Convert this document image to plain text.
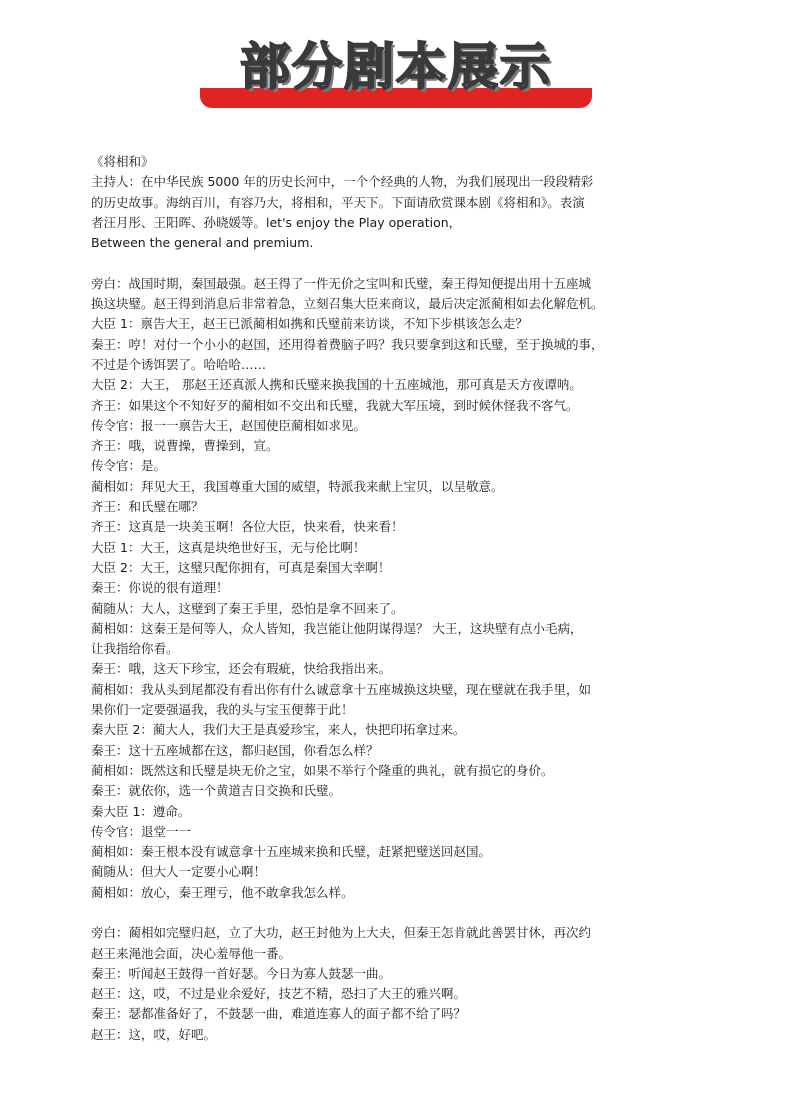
部分剧本展示
《将相和》
主持人：在中华民族 5000 年的历史长河中，一个个经典的人物，为我们展现出一段段精彩
的历史故事。海纳百川，有容乃大，将相和，平天下。下面请欣赏课本剧《将相和》。表演
者汪月彤、王阳晖、孙晓媛等。let's enjoy the Play operation，
Between the general and premium.
旁白：战国时期，秦国最强。赵王得了一件无价之宝叫和氏璧，秦王得知便提出用十五座城
换这块璧。赵王得到消息后非常着急，立刻召集大臣来商议，最后决定派蔺相如去化解危机。
大臣 1：禀告大王，赵王已派蔺相如携和氏璧前来访谈，不知下步棋该怎么走？
秦王：哼！对付一个小小的赵国，还用得着费脑子吗？我只要拿到这和氏璧，至于换城的事，
不过是个诱饵罢了。哈哈哈……
大臣 2：大王， 那赵王还真派人携和氏璧来换我国的十五座城池，那可真是天方夜谭呐。
齐王：如果这个不知好歹的蔺相如不交出和氏璧，我就大军压境，到时候休怪我不客气。
传令官：报一一禀告大王，赵国使臣蔺相如求见。
齐王：哦，说曹操，曹操到，宣。
传令官：是。
蔺相如：拜见大王，我国尊重大国的威望，特派我来献上宝贝，以呈敬意。
齐王：和氏璧在哪？
齐王：这真是一块美玉啊！各位大臣，快来看，快来看！
大臣 1：大王，这真是块绝世好玉，无与伦比啊！
大臣 2：大王，这璧只配你拥有，可真是秦国大幸啊！
秦王：你说的很有道理！
蔺随从：大人，这璧到了秦王手里，恐怕是拿不回来了。
蔺相如：这秦王是何等人，众人皆知，我岂能让他阴谋得逞？ 大王，这块壁有点小毛病，
让我指给你看。
秦王：哦，这天下珍宝，还会有瑕疵，快给我指出来。
蔺相如：我从头到尾都没有看出你有什么诚意拿十五座城换这块璧，现在璧就在我手里，如
果你们一定要强逼我，我的头与宝玉便葬于此！
秦大臣 2：蔺大人，我们大王是真爱珍宝，来人，快把印拓拿过来。
秦王：这十五座城都在这，都归赵国，你看怎么样？
蔺相如：既然这和氏璧是块无价之宝，如果不举行个隆重的典礼，就有损它的身价。
秦王：就依你，选一个黄道吉日交换和氏璧。
秦大臣 1：遵命。
传令官：退堂一一
蔺相如：秦王根本没有诚意拿十五座城来换和氏璧，赶紧把璧送回赵国。
蔺随从：但大人一定要小心啊！
蔺相如：放心，秦王理亏，他不敢拿我怎么样。
旁白：蔺相如完璧归赵，立了大功，赵王封他为上大夫，但秦王怎肯就此善罢甘休，再次约
赵王来渑池会面，决心羞辱他一番。
秦王：听闻赵王鼓得一首好瑟。今日为寡人鼓瑟一曲。
赵王：这，哎，不过是业余爱好，技艺不精，恐扫了大王的雅兴啊。
秦王：瑟都准备好了，不鼓瑟一曲，难道连寡人的面子都不给了吗？
赵王：这，哎，好吧。
